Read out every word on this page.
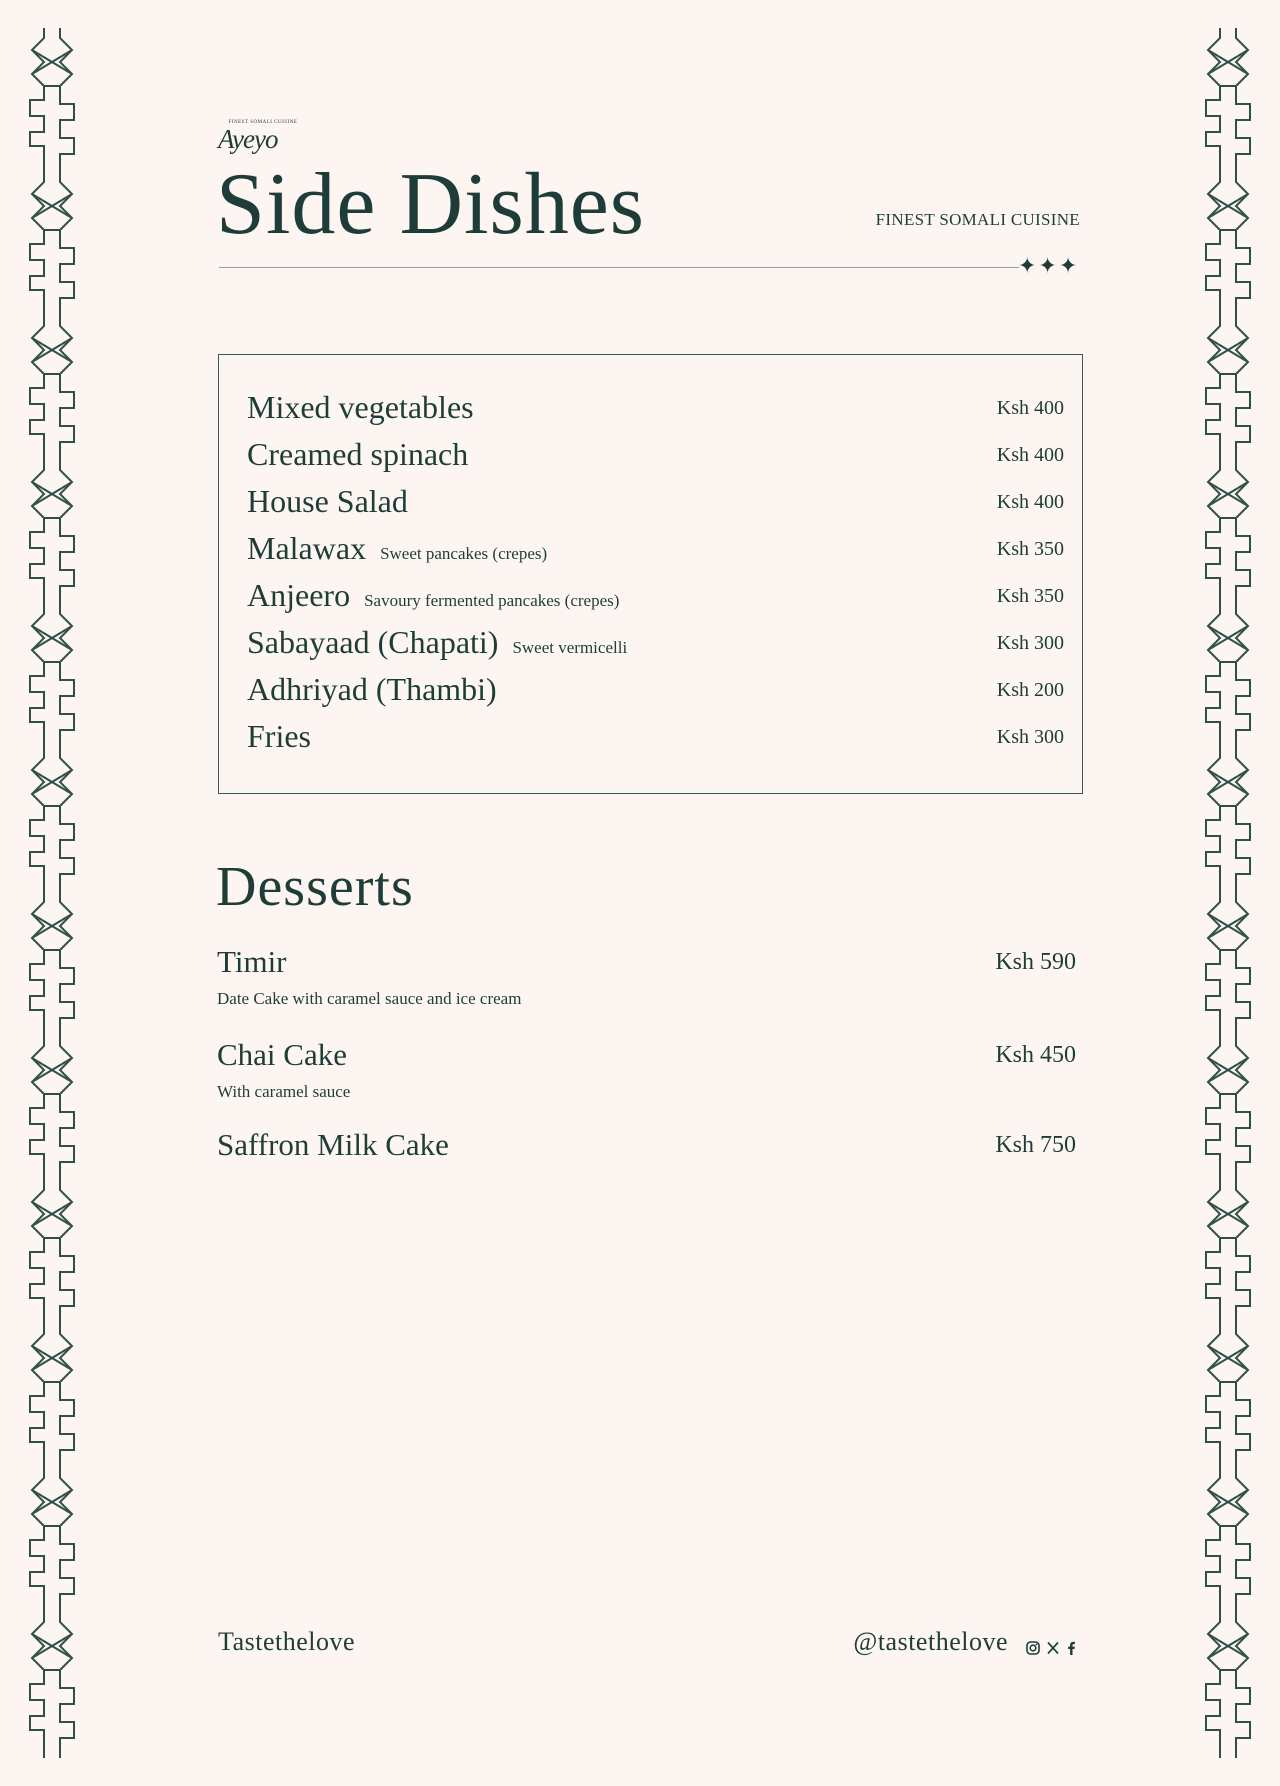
FINEST SOMALI CUISINE
Ayeyo
Side Dishes	FINEST SOMALI CUISINE
✦✦✦
Mixed vegetables	Ksh 400
Creamed spinach	Ksh 400
House Salad	Ksh 400
Malawax Sweet pancakes (crepes)	Ksh 350
Anjeero Savoury fermented pancakes (crepes)	Ksh 350
Sabayaad (Chapati) Sweet vermicelli	Ksh 300
Adhriyad (Thambi)	Ksh 200
Fries	Ksh 300
Desserts
Timir	Ksh 590
Date Cake with caramel sauce and ice cream
Chai Cake	Ksh 450
With caramel sauce
Saffron Milk Cake	Ksh 750
Tastethelove	@tastethelove
